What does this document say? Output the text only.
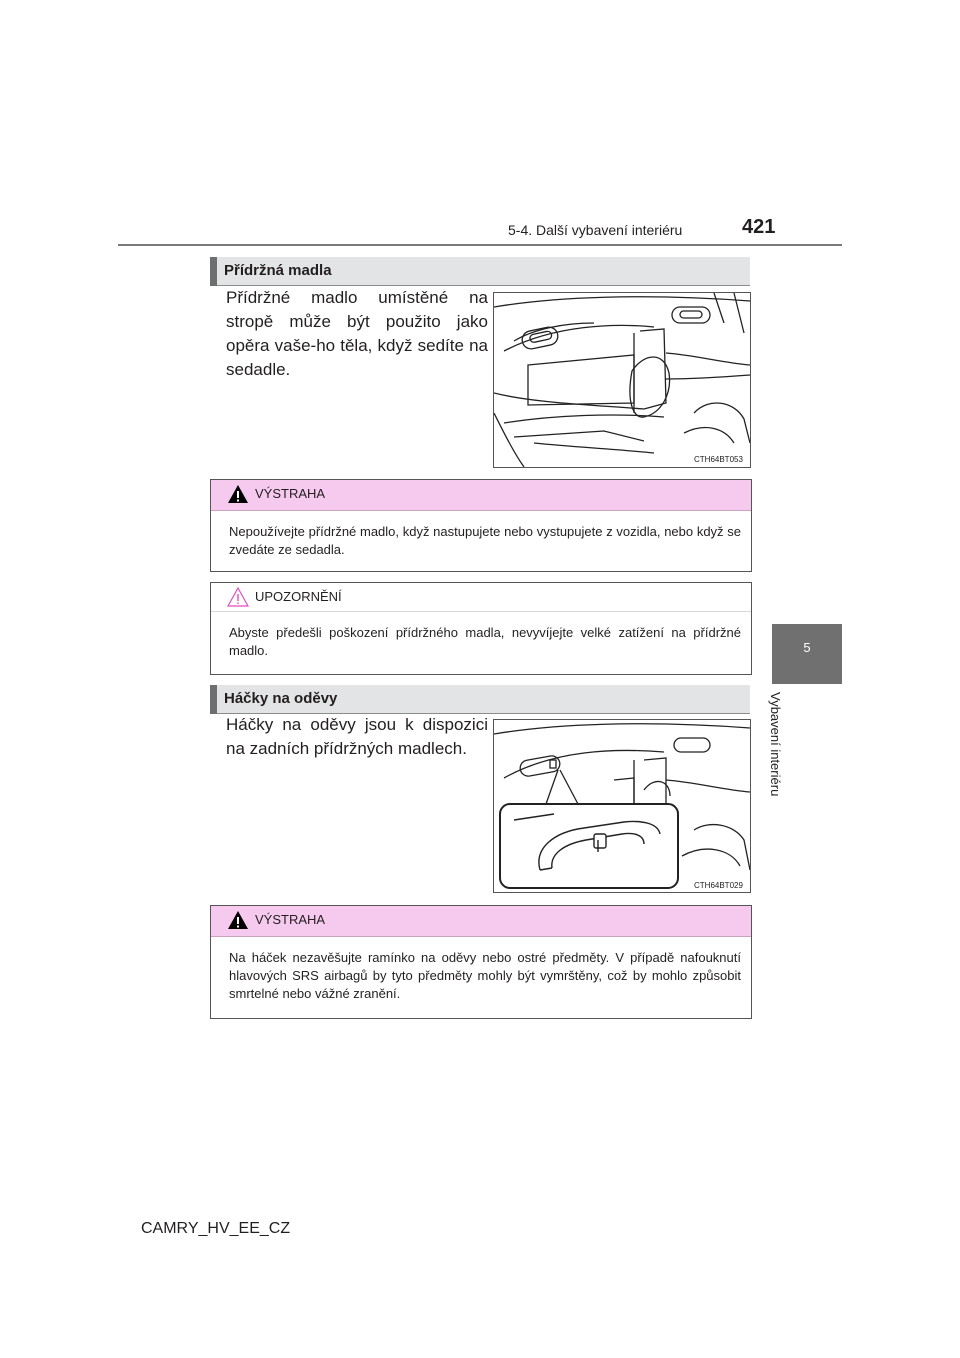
5-4. Další vybavení interiéru	421
5
Vybavení interiéru
Přídržná madla
Přídržné madlo umístěné na stropě může být použito jako opěra vaše-ho těla, když sedíte na sedadle.
CTH64BT053
VÝSTRAHA
Nepoužívejte přídržné madlo, když nastupujete nebo vystupujete z vozidla, nebo když se zvedáte ze sedadla.
UPOZORNĚNÍ
Abyste předešli poškození přídržného madla, nevyvíjejte velké zatížení na přídržné madlo.
Háčky na oděvy
Háčky na oděvy jsou k dispozici na zadních přídržných madlech.
CTH64BT029
VÝSTRAHA
Na háček nezavěšujte ramínko na oděvy nebo ostré předměty. V případě nafouknutí hlavových SRS airbagů by tyto předměty mohly být vymrštěny, což by mohlo způsobit smrtelné nebo vážné zranění.
CAMRY_HV_EE_CZ
